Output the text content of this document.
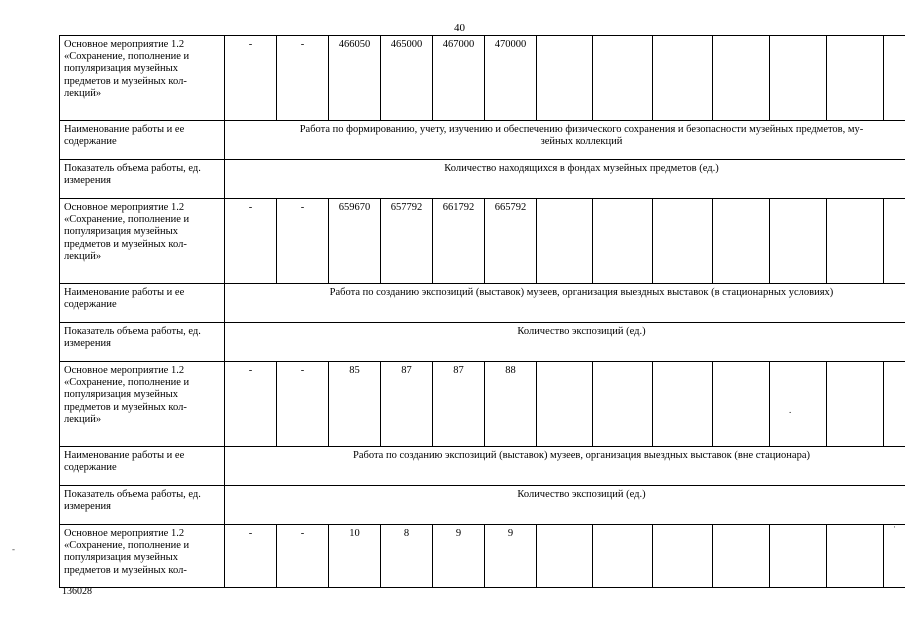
40
-
·
Основное мероприятие 1.2 «Сохранение, пополнение и популяризация музейных предметов и музейных кол-лекций»	-	-	466050	465000	467000	470000							
Наименование работы и ее содержание	Работа по формированию, учету, изучению и обеспечению физического сохранения и безопасности музейных предметов, му-
зейных коллекций												
Показатель объема работы, ед. измерения	Количество находящихся в фондах музейных предметов (ед.)												
Основное мероприятие 1.2 «Сохранение, пополнение и популяризация музейных предметов и музейных кол-лекций»	-	-	659670	657792	661792	665792							
Наименование работы и ее содержание	Работа по созданию экспозиций (выставок) музеев, организация выездных выставок (в стационарных условиях)												
Показатель объема работы, ед. измерения	Количество экспозиций (ед.)												
Основное мероприятие 1.2 «Сохранение, пополнение и популяризация музейных предметов и музейных кол-лекций»	-	-	85	87	87	88							
Наименование работы и ее содержание	Работа по созданию экспозиций (выставок) музеев, организация выездных выставок (вне стационара)												
Показатель объема работы, ед. измерения	Количество экспозиций (ед.)												
Основное мероприятие 1.2 «Сохранение, пополнение и популяризация музейных предметов и музейных кол-	-	-	10	8	9	9							
.
136028
